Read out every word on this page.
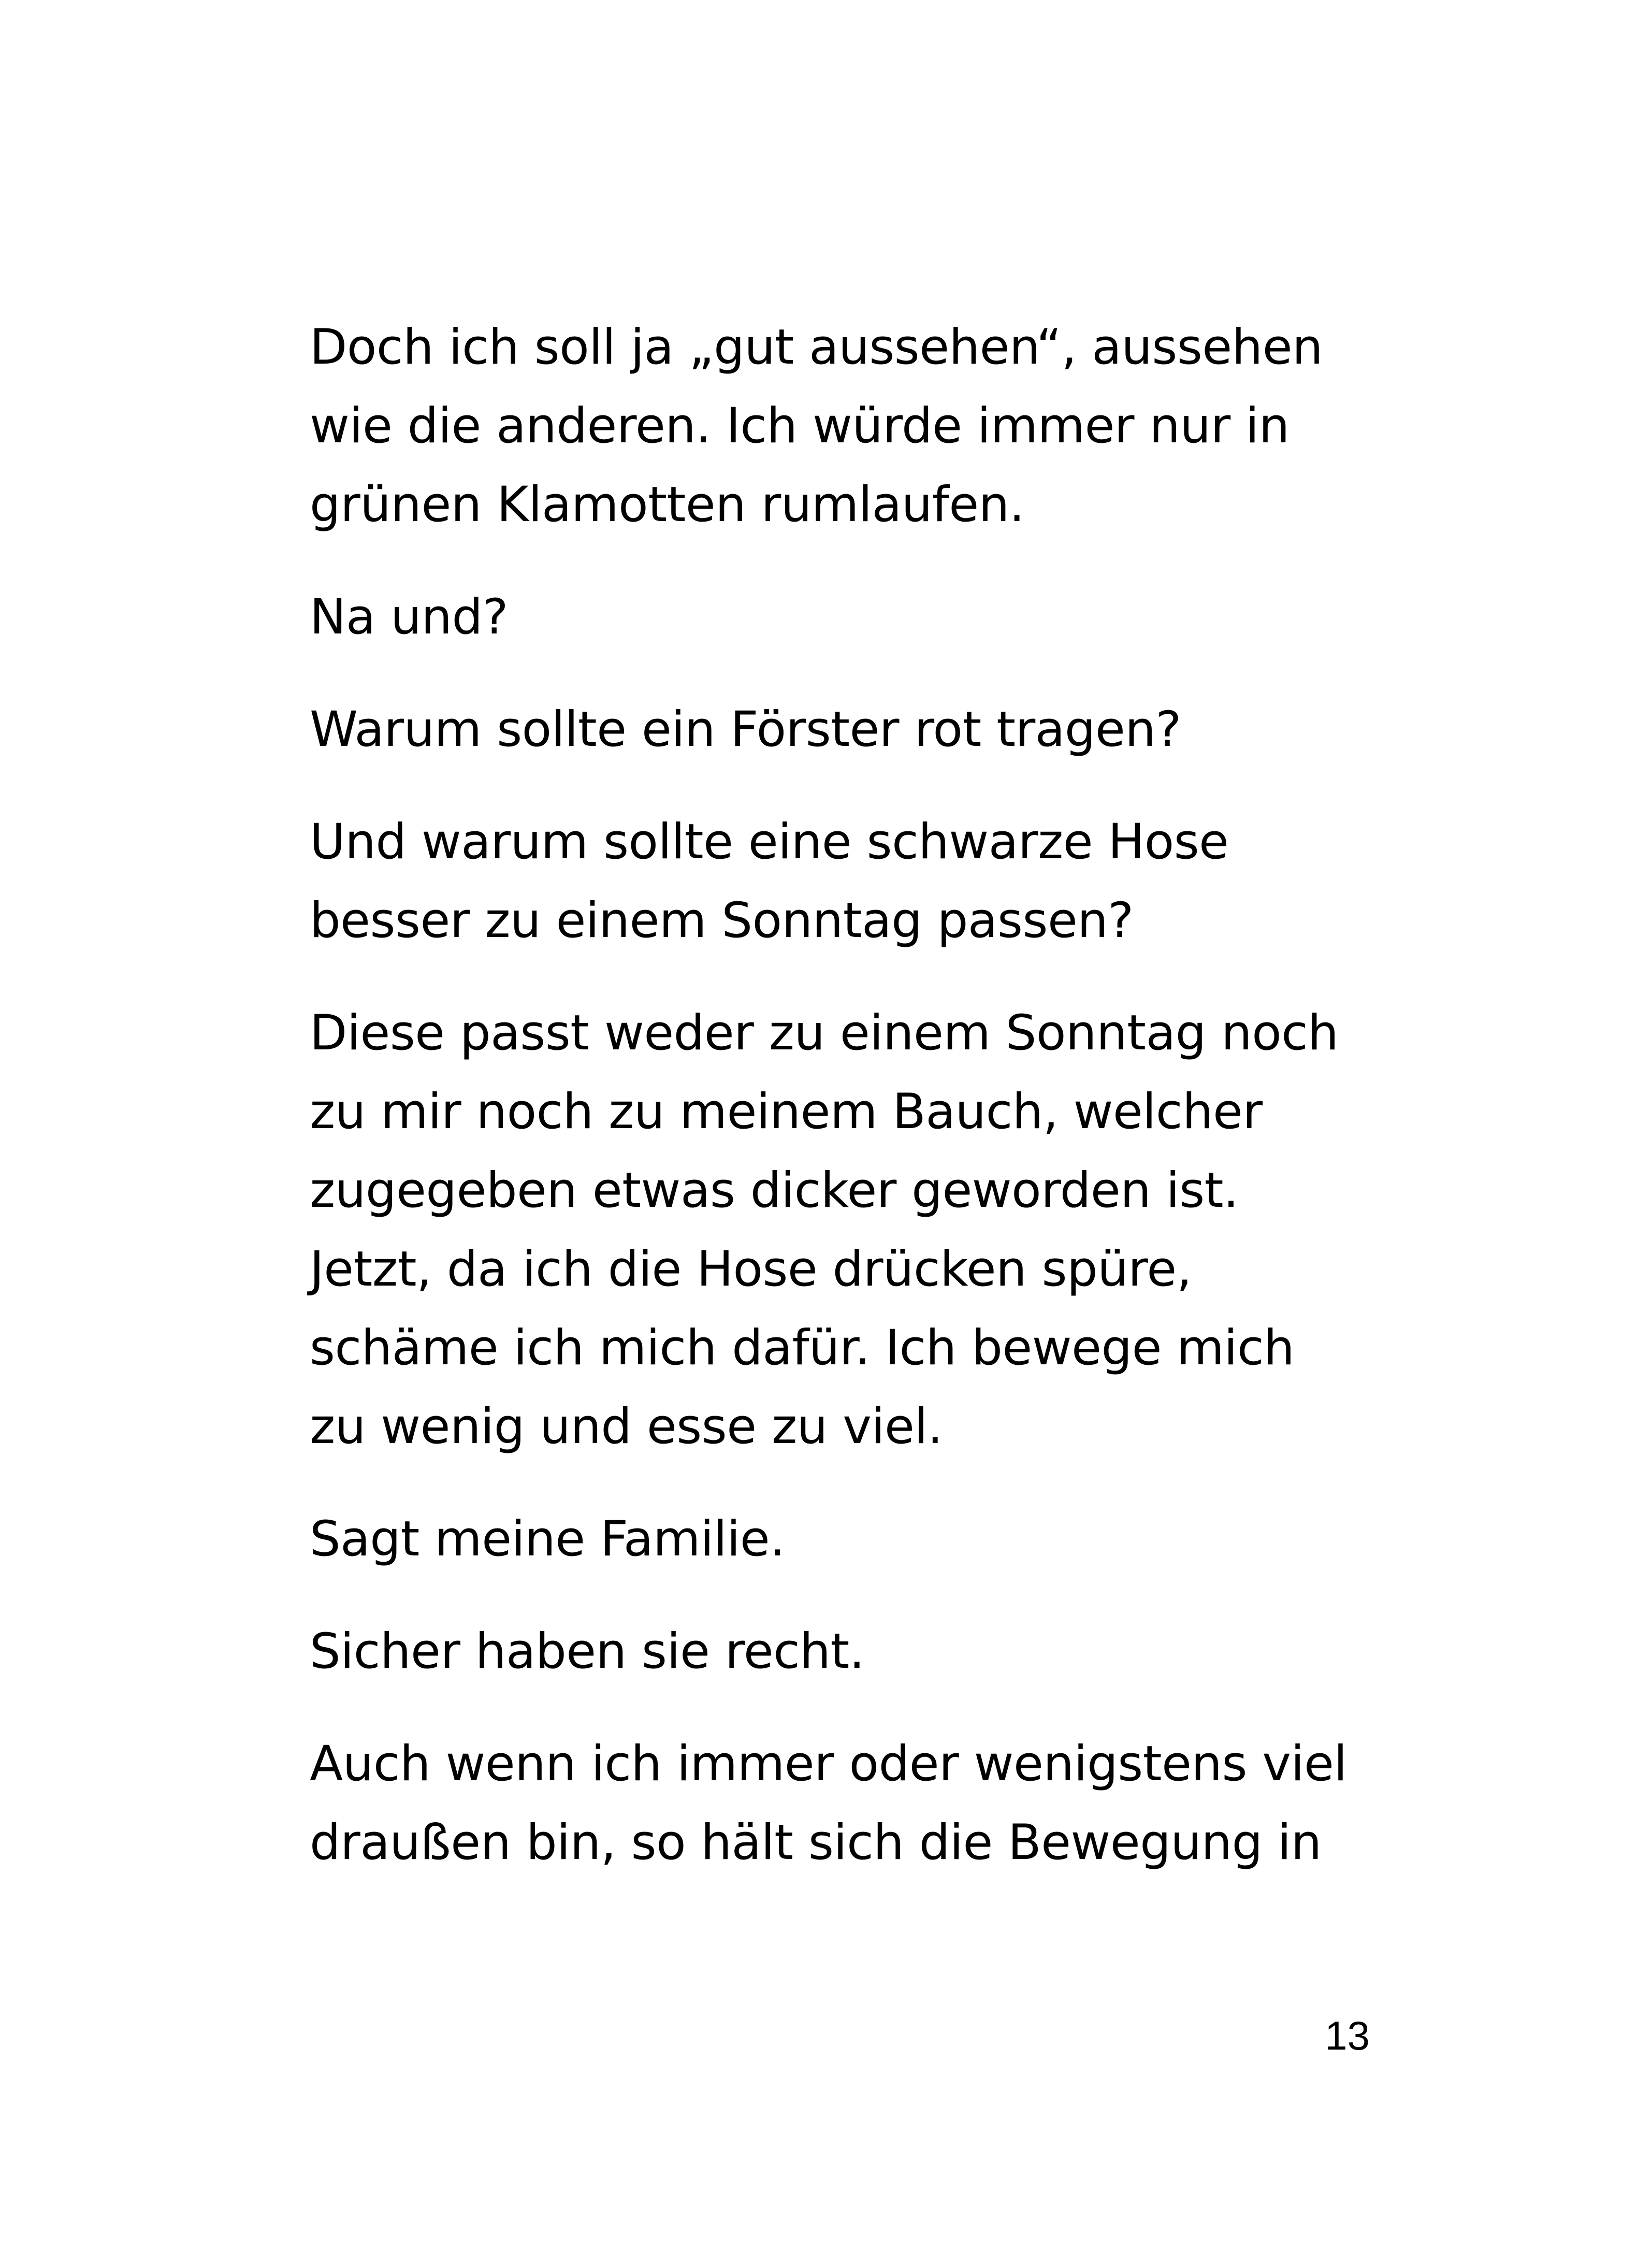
Doch ich soll ja „gut aussehen“, aussehen
wie die anderen. Ich würde immer nur in
grünen Klamotten rumlaufen.

Na und?

Warum sollte ein Förster rot tragen?

Und warum sollte eine schwarze Hose
besser zu einem Sonntag passen?

Diese passt weder zu einem Sonntag noch
zu mir noch zu meinem Bauch, welcher
zugegeben etwas dicker geworden ist.
Jetzt, da ich die Hose drücken spüre,
schäme ich mich dafür. Ich bewege mich
zu wenig und esse zu viel.

Sagt meine Familie.

Sicher haben sie recht.

Auch wenn ich immer oder wenigstens viel
draußen bin, so hält sich die Bewegung in

13
